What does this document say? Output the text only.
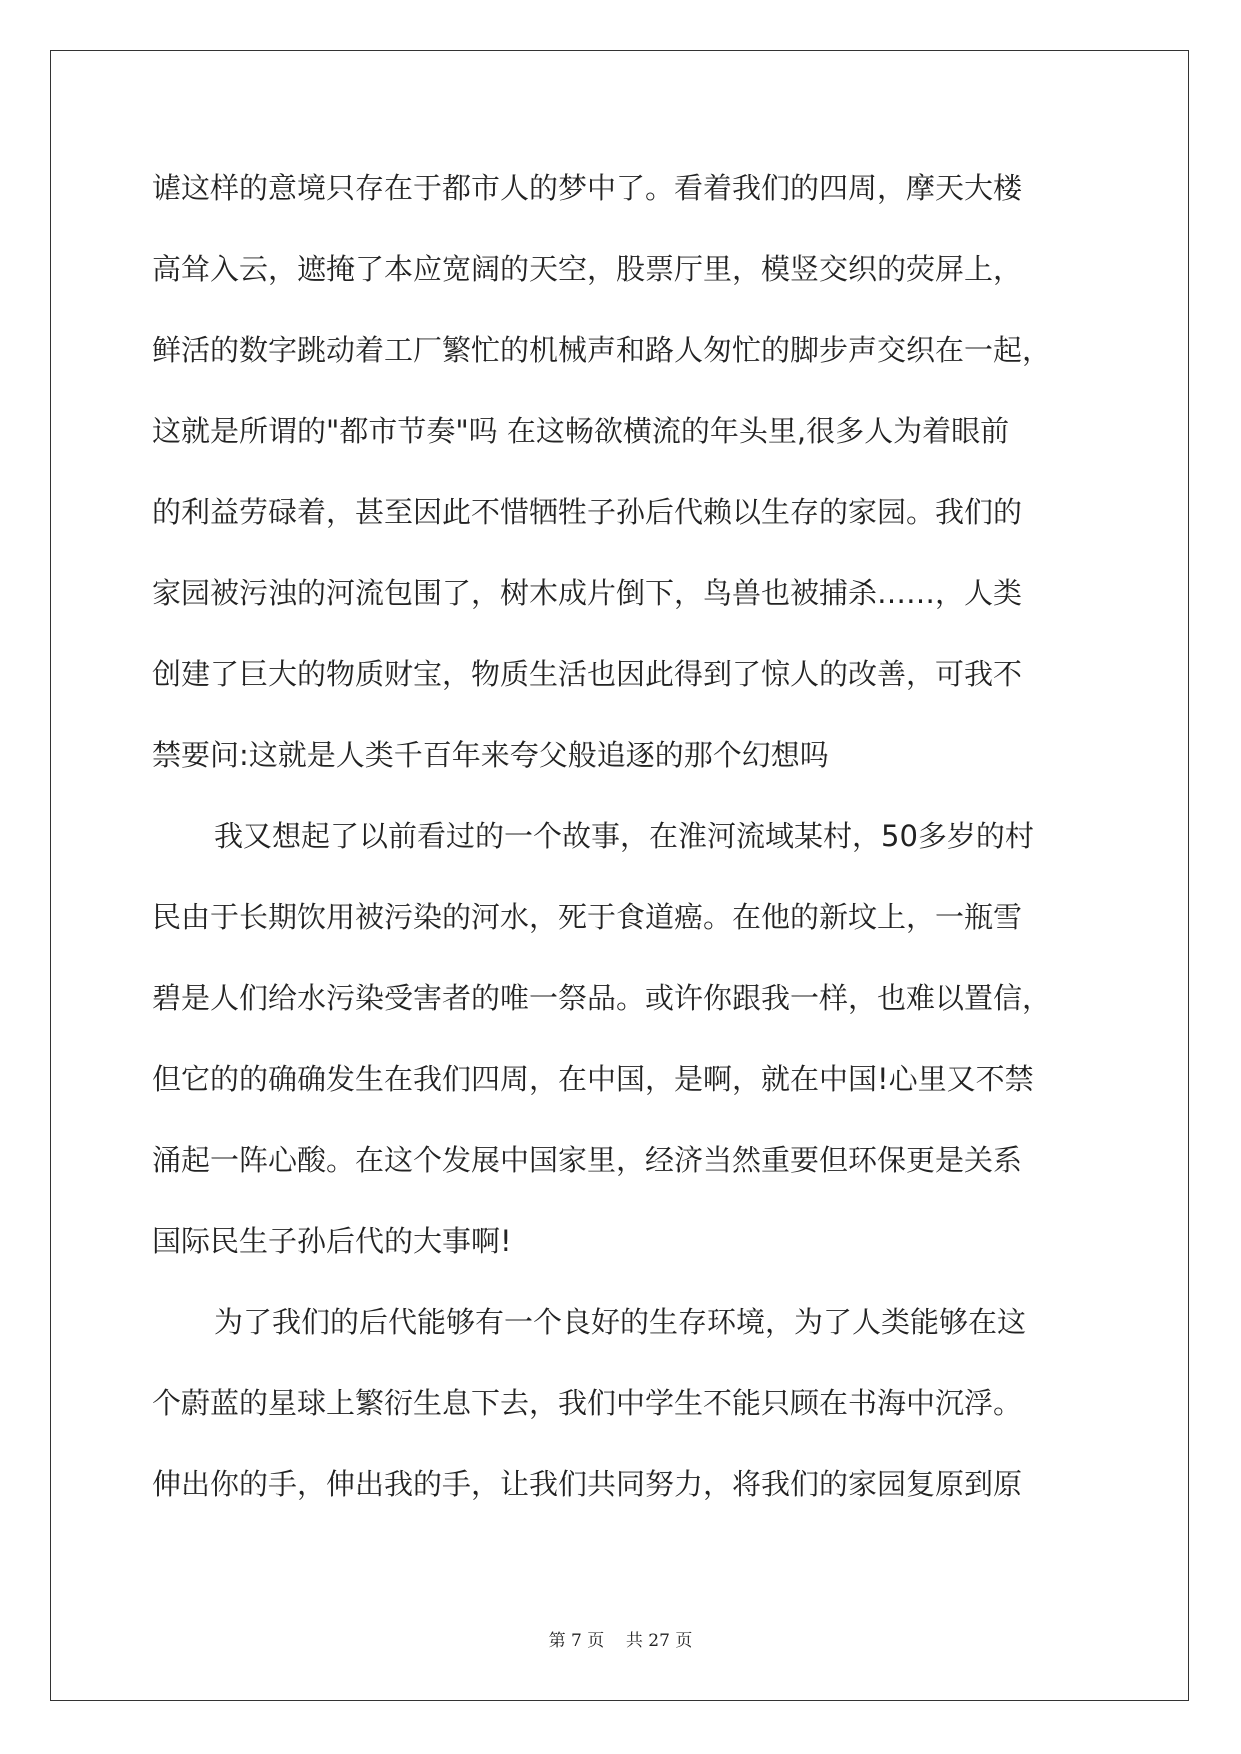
谑这样的意境只存在于都市人的梦中了。看着我们的四周，摩天大楼
高耸入云，遮掩了本应宽阔的天空，股票厅里，模竖交织的荧屏上，
鲜活的数字跳动着工厂繁忙的机械声和路人匆忙的脚步声交织在一起，
这就是所谓的"都市节奏"吗 在这畅欲横流的年头里,很多人为着眼前
的利益劳碌着，甚至因此不惜牺牲子孙后代赖以生存的家园。我们的
家园被污浊的河流包围了，树木成片倒下，鸟兽也被捕杀……，人类
创建了巨大的物质财宝，物质生活也因此得到了惊人的改善，可我不
禁要问:这就是人类千百年来夸父般追逐的那个幻想吗
我又想起了以前看过的一个故事，在淮河流域某村，50多岁的村
民由于长期饮用被污染的河水，死于食道癌。在他的新坟上，一瓶雪
碧是人们给水污染受害者的唯一祭品。或许你跟我一样，也难以置信，
但它的的确确发生在我们四周，在中国，是啊，就在中国!心里又不禁
涌起一阵心酸。在这个发展中国家里，经济当然重要但环保更是关系
国际民生子孙后代的大事啊!
为了我们的后代能够有一个良好的生存环境，为了人类能够在这
个蔚蓝的星球上繁衍生息下去，我们中学生不能只顾在书海中沉浮。
伸出你的手，伸出我的手，让我们共同努力，将我们的家园复原到原
第 7 页    共 27 页
